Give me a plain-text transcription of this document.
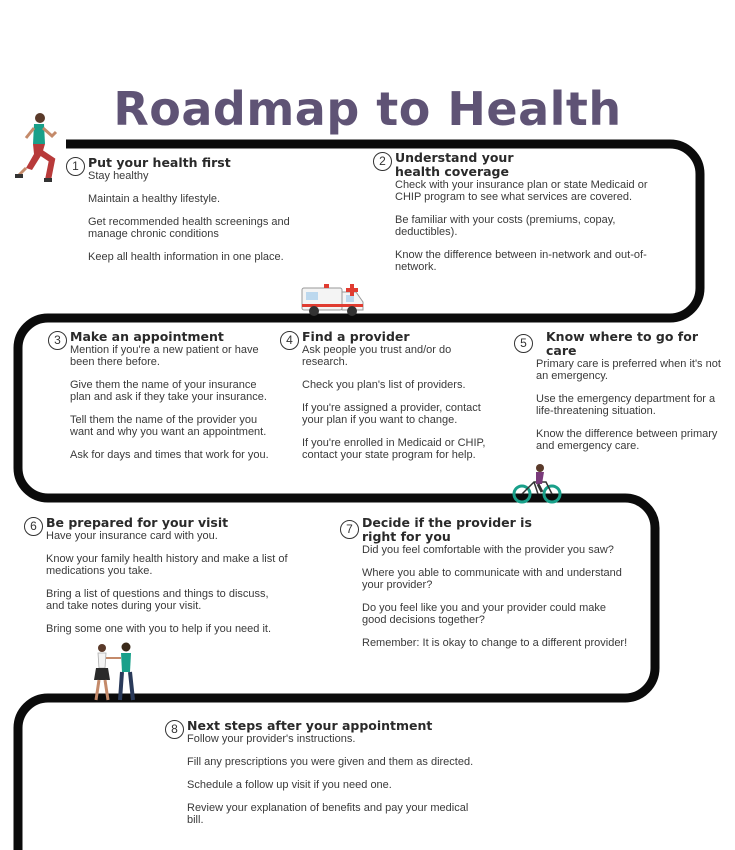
Roadmap to Health
1 Put your health first
Stay healthy
Maintain a healthy lifestyle.
Get recommended health screenings and manage chronic conditions
Keep all health information in one place.
2 Understand your health coverage
Check with your insurance plan or state Medicaid or CHIP program to see what services are covered.
Be familiar with your costs (premiums, copay, deductibles).
Know the difference between in-network and out-of-network.
3 Make an appointment
Mention if you're a new patient or have been there before.
Give them the name of your insurance plan and ask if they take your insurance.
Tell them the name of the provider you want and why you want an appointment.
Ask for days and times that work for you.
4 Find a provider
Ask people you trust and/or do research.
Check you plan's list of providers.
If you're assigned a provider, contact your plan if you want to change.
If you're enrolled in Medicaid or CHIP, contact your state program for help.
5	Know where to go for care
Primary care is preferred when it's not an emergency.
Use the emergency department for a life-threatening situation.
Know the difference between primary and emergency care.
6 Be prepared for your visit
Have your insurance card with you.
Know your family health history and make a list of medications you take.
Bring a list of questions and things to discuss, and take notes during your visit.
Bring some one with you to help if you need it.
7 Decide if the provider is right for you
Did you feel comfortable with the provider you saw?
Where you able to communicate with and understand your provider?
Do you feel like you and your provider could make good decisions together?
Remember: It is okay to change to a different provider!
8 Next steps after your appointment
Follow your provider's instructions.
Fill any prescriptions you were given and them as directed.
Schedule a follow up visit if you need one.
Review your explanation of benefits and pay your medical bill.
